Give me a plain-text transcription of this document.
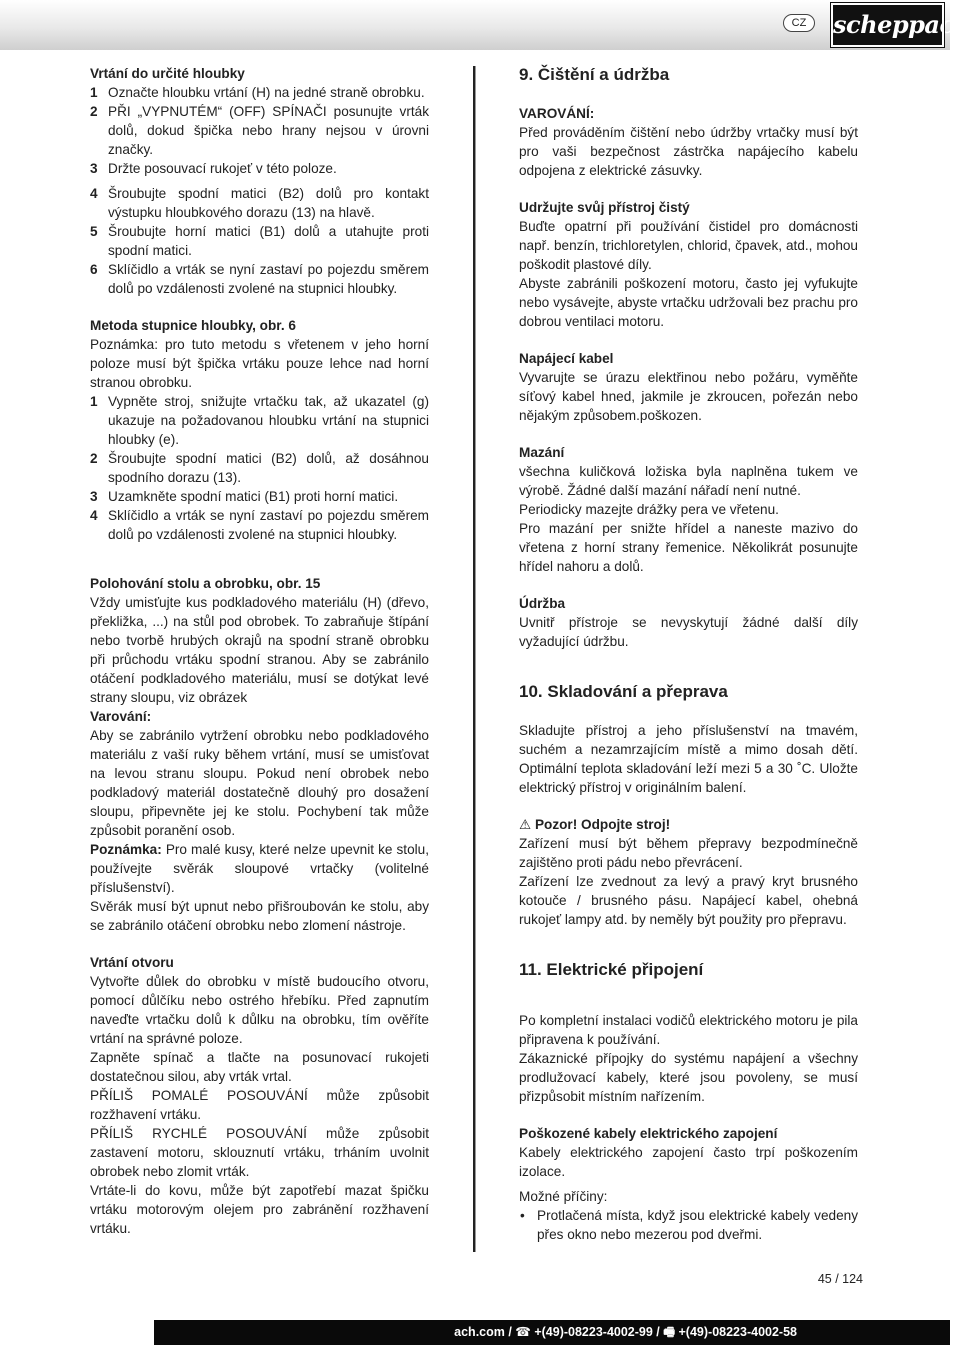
CZ	scheppach

Vrtání do určité hloubky

1 Označte hloubku vrtání (H) na jedné straně obrobku.
2 PŘI „VYPNUTÉM“ (OFF) SPÍNAČI posunujte vrták dolů, dokud špička nebo hrany nejsou v úrovni značky.
3 Držte posouvací rukojeť v této poloze.
4 Šroubujte spodní matici (B2) dolů pro kontakt výstupku hloubkového dorazu (13) na hlavě.
5 Šroubujte horní matici (B1) dolů a utahujte proti spodní matici.
6 Sklíčidlo a vrták se nyní zastaví po pojezdu směrem dolů po vzdálenosti zvolené na stupnici hloubky.

Metoda stupnice hloubky, obr. 6

Poznámka: pro tuto metodu s vřetenem v jeho horní poloze musí být špička vrtáku pouze lehce nad horní stranou obrobku.

1 Vypněte stroj, snižujte vrtačku tak, až ukazatel (g) ukazuje na požadovanou hloubku vrtání na stupnici hloubky (e).
2 Šroubujte spodní matici (B2) dolů, až dosáhnou spodního dorazu (13).
3 Uzamkněte spodní matici (B1) proti horní matici.
4 Sklíčidlo a vrták se nyní zastaví po pojezdu směrem dolů po vzdálenosti zvolené na stupnici hloubky.

Polohování stolu a obrobku, obr. 15

Vždy umisťujte kus podkladového materiálu (H) (dřevo, překližka, ...) na stůl pod obrobek. To zabraňuje štípání nebo tvorbě hrubých okrajů na spodní straně obrobku při průchodu vrtáku spodní stranou. Aby se zabránilo otáčení podkladového materiálu, musí se dotýkat levé strany sloupu, viz obrázek

Varování:

Aby se zabránilo vytržení obrobku nebo podkladového materiálu z vaší ruky během vrtání, musí se umisťovat na levou stranu sloupu. Pokud není obrobek nebo podkladový materiál dostatečně dlouhý pro dosažení sloupu, připevněte jej ke stolu. Pochybení tak může způsobit poranění osob.

Poznámka: Pro malé kusy, které nelze upevnit ke stolu, používejte svěrák sloupové vrtačky (volitelné příslušenství).

Svěrák musí být upnut nebo přišroubován ke stolu, aby se zabránilo otáčení obrobku nebo zlomení nástroje.

Vrtání otvoru

Vytvořte důlek do obrobku v místě budoucího otvoru, pomocí důlčíku nebo ostrého hřebíku. Před zapnutím naveďte vrtačku dolů k důlku na obrobku, tím ověříte vrtání na správné poloze.

Zapněte spínač a tlačte na posunovací rukojeti dostatečnou silou, aby vrták vrtal.

PŘÍLIŠ POMALÉ POSOUVÁNÍ může způsobit rozžhavení vrtáku.

PŘÍLIŠ RYCHLÉ POSOUVÁNÍ může způsobit zastavení motoru, sklouznutí vrtáku, trháním uvolnit obrobek nebo zlomit vrták.

Vrtáte-li do kovu, může být zapotřebí mazat špičku vrtáku motorovým olejem pro zabránění rozžhavení vrtáku.

9. Čištění a údržba

VAROVÁNÍ:

Před prováděním čištění nebo údržby vrtačky musí být pro vaši bezpečnost zástrčka napájecího kabelu odpojena z elektrické zásuvky.

Udržujte svůj přístroj čistý

Buďte opatrní při používání čistidel pro domácnosti např. benzín, trichloretylen, chlorid, čpavek, atd., mohou poškodit plastové díly.

Abyste zabránili poškození motoru, často jej vyfukujte nebo vysávejte, abyste vrtačku udržovali bez prachu pro dobrou ventilaci motoru.

Napájecí kabel

Vyvarujte se úrazu elektřinou nebo požáru, vyměňte síťový kabel hned, jakmile je zkroucen, pořezán nebo nějakým způsobem.poškozen.

Mazání

všechna kuličková ložiska byla naplněna tukem ve výrobě. Žádné další mazání nářadí není nutné.

Periodicky mazejte drážky pera ve vřetenu.

Pro mazání per snižte hřídel a naneste mazivo do vřetena z horní strany řemenice. Několikrát posunujte hřídel nahoru a dolů.

Údržba

Uvnitř přístroje se nevyskytují žádné další díly vyžadující údržbu.

10. Skladování a přeprava

Skladujte přístroj a jeho příslušenství na tmavém, suchém a nezamrzajícím místě a mimo dosah dětí. Optimální teplota skladování leží mezi 5 a 30 ˚C. Uložte elektrický přístroj v originálním balení.

⚠ Pozor! Odpojte stroj!

Zařízení musí být během přepravy bezpodmínečně zajištěno proti pádu nebo převrácení.

Zařízení lze zvednout za levý a pravý kryt brusného kotouče / brusného pásu. Napájecí kabel, ohebná rukojeť lampy atd. by neměly být použity pro přepravu.

11. Elektrické připojení

Po kompletní instalaci vodičů elektrického motoru je pila připravena k používání.

Zákaznické přípojky do systému napájení a všechny prodlužovací kabely, které jsou povoleny, se musí přizpůsobit místním nařízením.

Poškozené kabely elektrického zapojení

Kabely elektrického zapojení často trpí poškozením izolace.

Možné příčiny:

• Protlačená místa, když jsou elektrické kabely vedeny přes okno nebo mezerou pod dveřmi.
45 / 124
ach.com / ☎ +(49)-08223-4002-99 / 🖷 +(49)-08223-4002-58
